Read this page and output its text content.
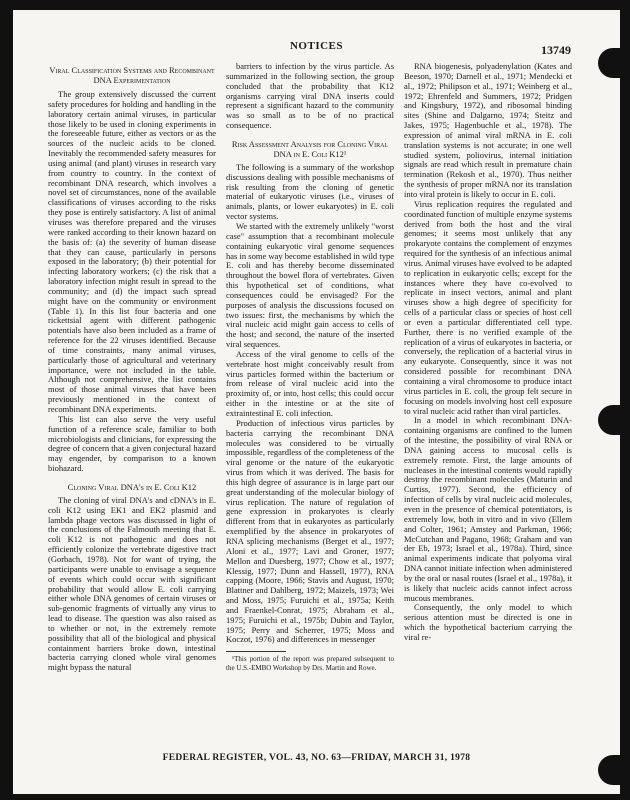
NOTICES	13749

Viral Classification Systems and Recombinant DNA Experimentation

The group extensively discussed the current safety procedures for holding and handling in the laboratory certain animal viruses, in particular those likely to be used in cloning experiments in the foreseeable future, either as vectors or as the sources of the nucleic acids to be cloned. Inevitably the recommended safety measures for using animal (and plant) viruses in research vary from country to country. In the context of recombinant DNA research, which involves a novel set of circumstances, none of the available classifications of viruses according to the risks they pose is entirely satisfactory. A list of animal viruses was therefore prepared and the viruses were ranked according to their known hazard on the basis of: (a) the severity of human disease that they can cause, particularly in persons exposed in the laboratory; (b) their potential for infecting laboratory workers; (c) the risk that a laboratory infection might result in spread to the community; and (d) the impact such spread might have on the community or environment (Table 1). In this list four bacteria and one rickettsial agent with different pathogenic potentials have also been included as a frame of reference for the 22 viruses identified. Because of time constraints, many animal viruses, particularly those of agricultural and veterinary importance, were not included in the table. Although not comprehensive, the list contains most of those animal viruses that have been previously mentioned in the context of recombinant DNA experiments.

This list can also serve the very useful function of a reference scale, familiar to both microbiologists and clinicians, for expressing the degree of concern that a given conjectural hazard may engender, by comparison to a known biohazard.

Cloning Viral DNA's in E. Coli K12

The cloning of viral DNA's and cDNA's in E. coli K12 using EK1 and EK2 plasmid and lambda phage vectors was discussed in light of the conclusions of the Falmouth meeting that E. coli K12 is not pathogenic and does not efficiently colonize the vertebrate digestive tract (Gorbach, 1978). Not for want of trying, the participants were unable to envisage a sequence of events which could occur with significant probability that would allow E. coli carrying either whole DNA genomes of certain viruses or sub-genomic fragments of virtually any virus to lead to disease. The question was also raised as to whether or not, in the extremely remote possibility that all of the biological and physical containment barriers broke down, intestinal bacteria carrying cloned whole viral genomes might bypass the natural

barriers to infection by the virus particle. As summarized in the following section, the group concluded that the probability that K12 organisms carrying viral DNA inserts could represent a significant hazard to the community was so small as to be of no practical consequence.

Risk Assessment Analysis for Cloning Viral DNA in E. Coli K12¹

The following is a summary of the workshop discussions dealing with possible mechanisms of risk resulting from the cloning of genetic material of eukaryotic viruses (i.e., viruses of animals, plants, or lower eukaryotes) in E. coli vector systems.

We started with the extremely unlikely "worst case" assumption that a recombinant molecule containing eukaryotic viral genome sequences has in some way become established in wild type E. coli and has thereby become disseminated throughout the bowel flora of vertebrates. Given this hypothetical set of conditions, what consequences could be envisaged? For the purposes of analysis the discussions focused on two issues: first, the mechanisms by which the viral nucleic acid might gain access to cells of the host; and second, the nature of the inserted viral sequences.

Access of the viral genome to cells of the vertebrate host might conceivably result from virus particles formed within the bacterium or from release of viral nucleic acid into the proximity of, or into, host cells; this could occur either in the intestine or at the site of extraintestinal E. coli infection.

Production of infectious virus particles by bacteria carrying the recombinant DNA molecules was considered to be virtually impossible, regardless of the completeness of the viral genome or the nature of the eukaryotic virus from which it was derived. The basis for this high degree of assurance is in large part our great understanding of the molecular biology of virus replication. The nature of regulation of gene expression in prokaryotes is clearly different from that in eukaryotes as particularly exemplified by the absence in prokaryotes of RNA splicing mechanisms (Berget et al., 1977; Aloni et al., 1977; Lavi and Groner, 1977; Mellon and Duesberg, 1977; Chow et al., 1977; Klessig, 1977; Dunn and Hassell, 1977), RNA capping (Moore, 1966; Stavis and August, 1970; Blattner and Dahlberg, 1972; Maizels, 1973; Wei and Moss, 1975; Furuichi et al., 1975a; Keith and Fraenkel-Conrat, 1975; Abraham et al., 1975; Furuichi et al., 1975b; Dubin and Taylor, 1975; Perry and Scherrer, 1975; Moss and Koczot, 1976) and differences in messenger

¹This portion of the report was prepared subsequent to the U.S.-EMBO Workshop by Drs. Martin and Rowe.

RNA biogenesis, polyadenylation (Kates and Beeson, 1970; Darnell et al., 1971; Mendecki et al., 1972; Philipson et al., 1971; Weinberg et al., 1972; Ehrenfeld and Summers, 1972; Pridgen and Kingsbury, 1972), and ribosomal binding sites (Shine and Dalgarno, 1974; Steitz and Jakes, 1975; Hagenbuchle et al., 1978). The expression of animal viral mRNA in E. coli translation systems is not accurate; in one well studied system, poliovirus, internal initiation signals are read which result in premature chain termination (Rekosh et al., 1970). Thus neither the synthesis of proper mRNA nor its translation into viral protein is likely to occur in E. coli.

Virus replication requires the regulated and coordinated function of multiple enzyme systems derived from both the host and the viral genomes; it seems most unlikely that any prokaryote contains the complement of enzymes required for the synthesis of an infectious animal virus. Animal viruses have evolved to be adapted to replication in eukaryotic cells; except for the instances where they have co-evolved to replicate in insect vectors, animal and plant viruses show a high degree of specificity for cells of a particular class or species of host cell or even a particular differentiated cell type. Further, there is no verified example of the replication of a virus of eukaryotes in bacteria, or conversely, the replication of a bacterial virus in any eukaryote. Consequently, since it was not considered possible for recombinant DNA containing a viral chromosome to produce intact virus particles in E. coli, the group felt secure in focusing on models involving host cell exposure to viral nucleic acid rather than viral particles.

In a model in which recombinant DNA-containing organisms are confined to the lumen of the intestine, the possibility of viral RNA or DNA gaining access to mucosal cells is extremely remote. First, the large amounts of nucleases in the intestinal contents would rapidly destroy the recombinant molecules (Maturin and Curtiss, 1977). Second, the efficiency of infection of cells by viral nucleic acid molecules, even in the presence of chemical potentiators, is extremely low, both in vitro and in vivo (Ellem and Colter, 1961; Amstey and Parkman, 1966; McCutchan and Pagano, 1968; Graham and van der Eb, 1973; Israel et al., 1978a). Third, since animal experiments indicate that polyoma viral DNA cannot initiate infection when administered by the oral or nasal routes (Israel et al., 1978a), it is likely that nucleic acids cannot infect across mucous membranes.

Consequently, the only model to which serious attention must be directed is one in which the hypothetical bacterium carrying the viral re-

FEDERAL REGISTER, VOL. 43, NO. 63—FRIDAY, MARCH 31, 1978
